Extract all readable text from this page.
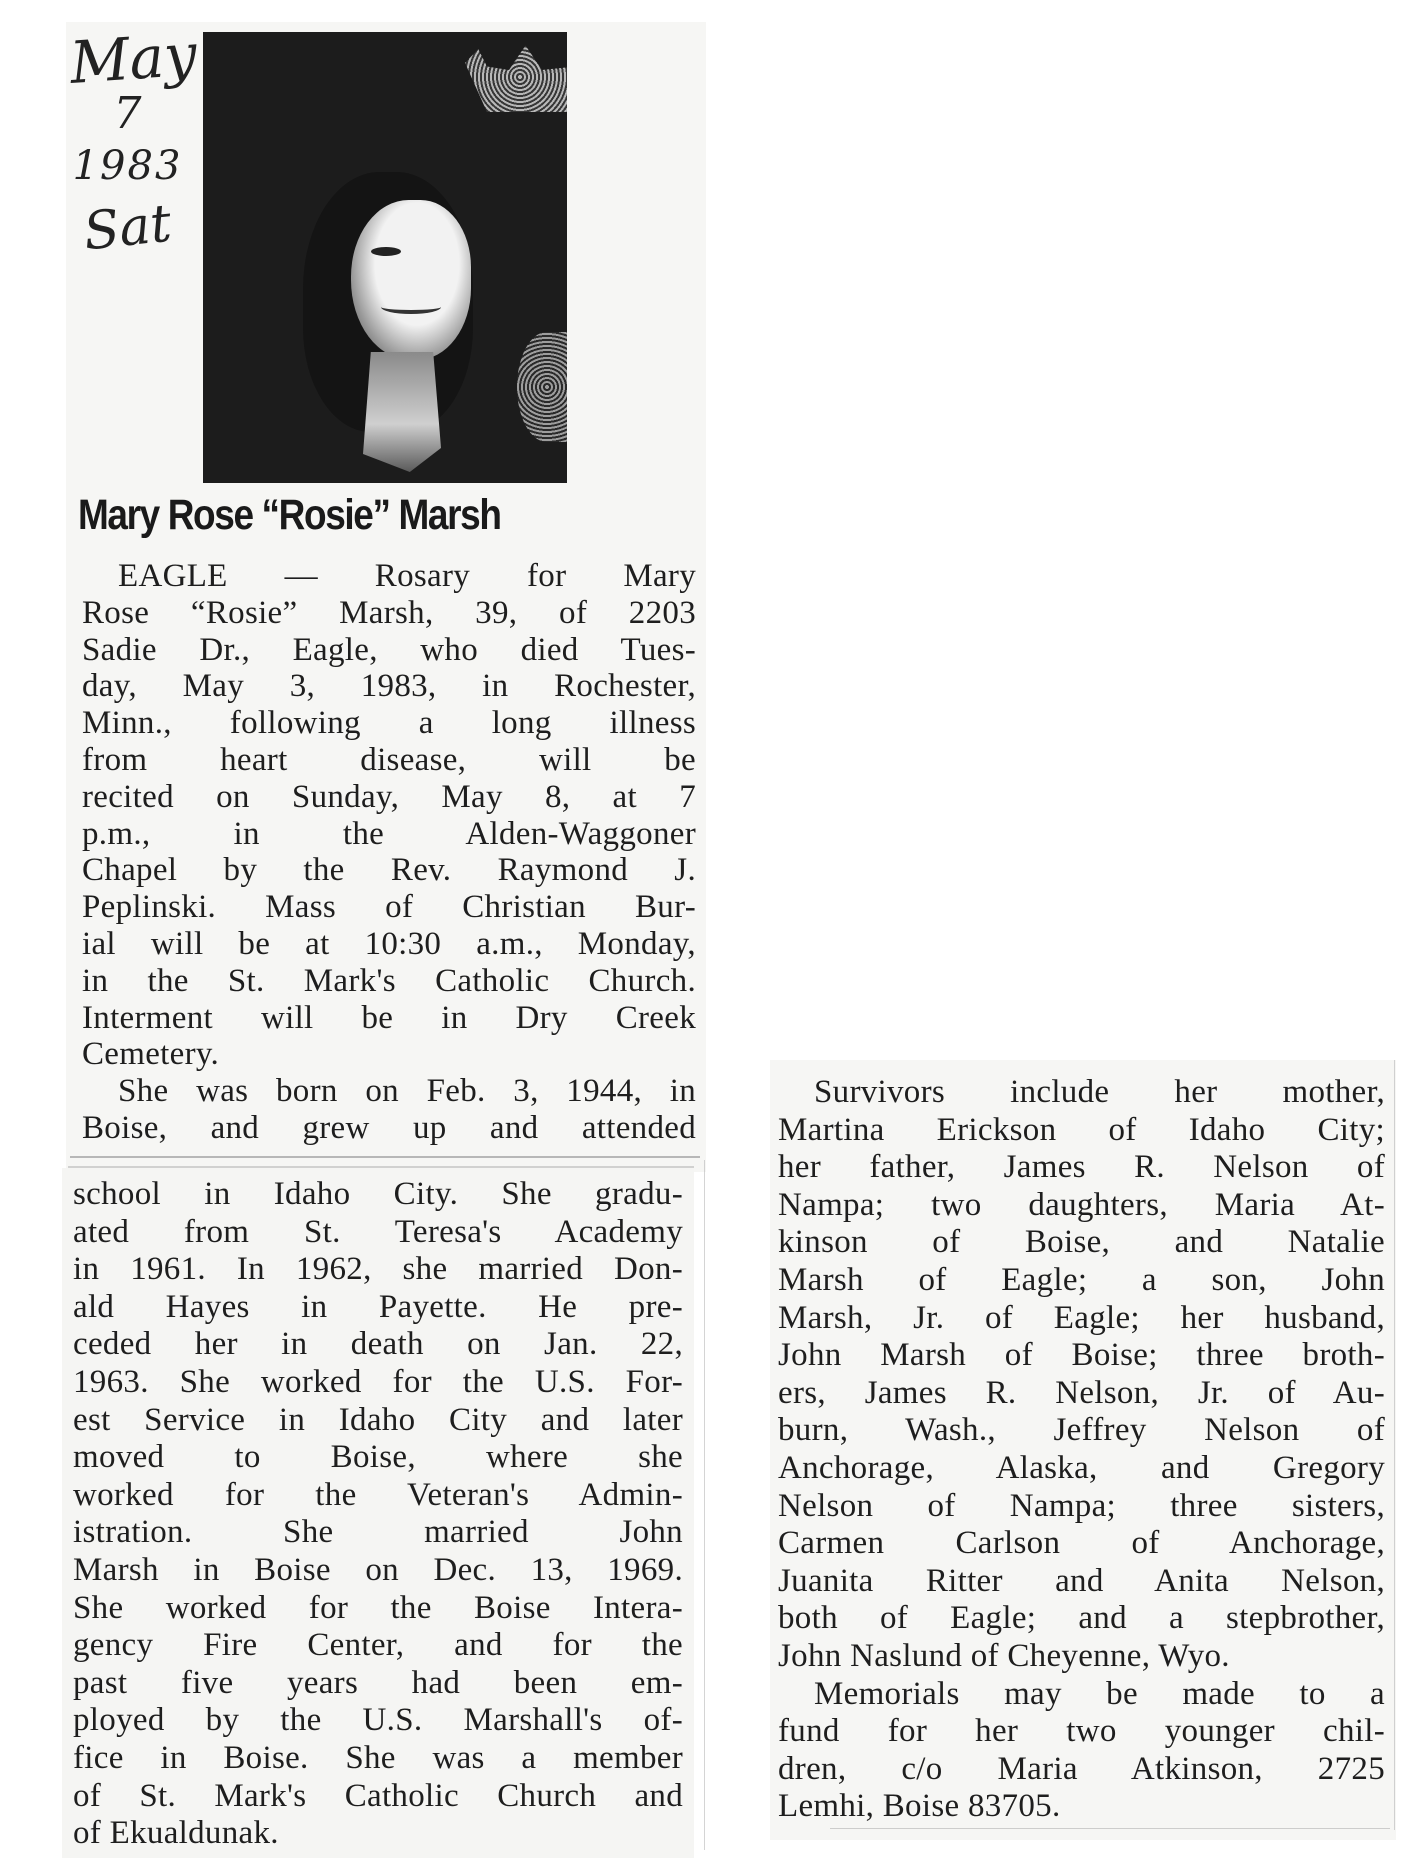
May
7
1983
Sat
Mary Rose “Rosie” Marsh
EAGLE — Rosary for Mary
Rose “Rosie” Marsh, 39, of 2203
Sadie Dr., Eagle, who died Tues-
day, May 3, 1983, in Rochester,
Minn., following a long illness
from heart disease, will be
recited on Sunday, May 8, at 7
p.m., in the Alden-Waggoner
Chapel by the Rev. Raymond J.
Peplinski. Mass of Christian Bur-
ial will be at 10:30 a.m., Monday,
in the St. Mark's Catholic Church.
Interment will be in Dry Creek
Cemetery.
She was born on Feb. 3, 1944, in
Boise, and grew up and attended
school in Idaho City. She gradu-
ated from St. Teresa's Academy
in 1961. In 1962, she married Don-
ald Hayes in Payette. He pre-
ceded her in death on Jan. 22,
1963. She worked for the U.S. For-
est Service in Idaho City and later
moved to Boise, where she
worked for the Veteran's Admin-
istration. She married John
Marsh in Boise on Dec. 13, 1969.
She worked for the Boise Intera-
gency Fire Center, and for the
past five years had been em-
ployed by the U.S. Marshall's of-
fice in Boise. She was a member
of St. Mark's Catholic Church and
of Ekualdunak.
Survivors include her mother,
Martina Erickson of Idaho City;
her father, James R. Nelson of
Nampa; two daughters, Maria At-
kinson of Boise, and Natalie
Marsh of Eagle; a son, John
Marsh, Jr. of Eagle; her husband,
John Marsh of Boise; three broth-
ers, James R. Nelson, Jr. of Au-
burn, Wash., Jeffrey Nelson of
Anchorage, Alaska, and Gregory
Nelson of Nampa; three sisters,
Carmen Carlson of Anchorage,
Juanita Ritter and Anita Nelson,
both of Eagle; and a stepbrother,
John Naslund of Cheyenne, Wyo.
Memorials may be made to a
fund for her two younger chil-
dren, c/o Maria Atkinson, 2725
Lemhi, Boise 83705.
